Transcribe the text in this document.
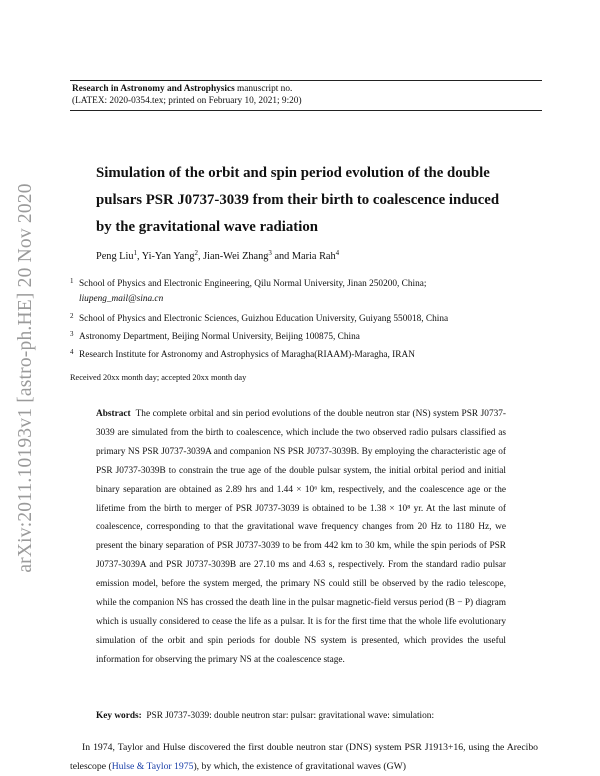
Research in Astronomy and Astrophysics manuscript no.
(LATEX: 2020-0354.tex; printed on February 10, 2021; 9:20)
arXiv:2011.10193v1 [astro-ph.HE] 20 Nov 2020
Simulation of the orbit and spin period evolution of the double pulsars PSR J0737-3039 from their birth to coalescence induced by the gravitational wave radiation
Peng Liu$^1$, Yi-Yan Yang$^2$, Jian-Wei Zhang$^3$ and Maria Rah$^4$
1 School of Physics and Electronic Engineering, Qilu Normal University, Jinan 250200, China;
liupeng_mail@sina.cn
2 School of Physics and Electronic Sciences, Guizhou Education University, Guiyang 550018, China
3 Astronomy Department, Beijing Normal University, Beijing 100875, China
4 Research Institute for Astronomy and Astrophysics of Maragha(RIAAM)-Maragha, IRAN
Received 20xx month day; accepted 20xx month day
Abstract The complete orbital and sin period evolutions of the double neutron star (NS) system PSR J0737-3039 are simulated from the birth to coalescence, which include the two observed radio pulsars classified as primary NS PSR J0737-3039A and companion NS PSR J0737-3039B. By employing the characteristic age of PSR J0737-3039B to constrain the true age of the double pulsar system, the initial orbital period and initial binary separation are obtained as 2.89 hrs and 1.44 × 10⁶ km, respectively, and the coalescence age or the lifetime from the birth to merger of PSR J0737-3039 is obtained to be 1.38 × 10⁸ yr. At the last minute of coalescence, corresponding to that the gravitational wave frequency changes from 20 Hz to 1180 Hz, we present the binary separation of PSR J0737-3039 to be from 442 km to 30 km, while the spin periods of PSR J0737-3039A and PSR J0737-3039B are 27.10 ms and 4.63 s, respectively. From the standard radio pulsar emission model, before the system merged, the primary NS could still be observed by the radio telescope, while the companion NS has crossed the death line in the pulsar magnetic-field versus period (B − P) diagram which is usually considered to cease the life as a pulsar. It is for the first time that the whole life evolutionary simulation of the orbit and spin periods for double NS system is presented, which provides the useful information for observing the primary NS at the coalescence stage.
Key words: PSR J0737-3039: double neutron star: pulsar: gravitational wave: simulation:
In 1974, Taylor and Hulse discovered the first double neutron star (DNS) system PSR J1913+16, using the Arecibo telescope (Hulse & Taylor 1975), by which, the existence of gravitational waves (GW)
